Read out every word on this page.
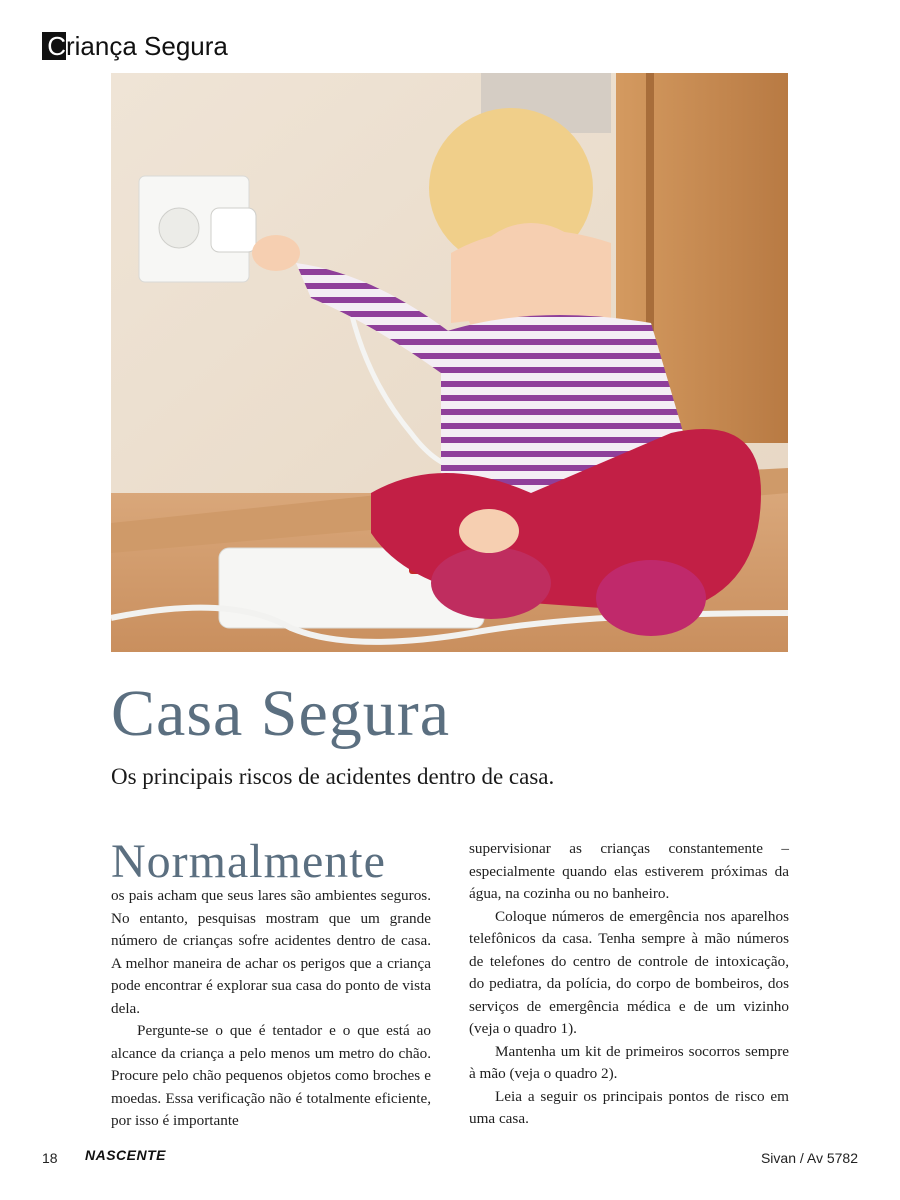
C riança Segura
Casa Segura
Os principais riscos de acidentes dentro de casa.
Normalmente

os pais acham que seus lares são ambientes seguros. No entanto, pesquisas mostram que um grande número de crianças sofre acidentes dentro de casa. A melhor maneira de achar os perigos que a criança pode encontrar é explorar sua casa do ponto de vista dela.

Pergunte-se o que é tentador e o que está ao alcance da criança a pelo menos um metro do chão. Procure pelo chão pequenos objetos como broches e moedas. Essa verificação não é totalmente eficiente, por isso é importante

supervisionar as crianças constantemente – especialmente quando elas estiverem próximas da água, na cozinha ou no banheiro.

Coloque números de emergência nos aparelhos telefônicos da casa. Tenha sempre à mão números de telefones do centro de controle de intoxicação, do pediatra, da polícia, do corpo de bombeiros, dos serviços de emergência médica e de um vizinho (veja o quadro 1).

Mantenha um kit de primeiros socorros sempre à mão (veja o quadro 2).

Leia a seguir os principais pontos de risco em uma casa.

18 NASCENTE	Sivan / Av 5782
